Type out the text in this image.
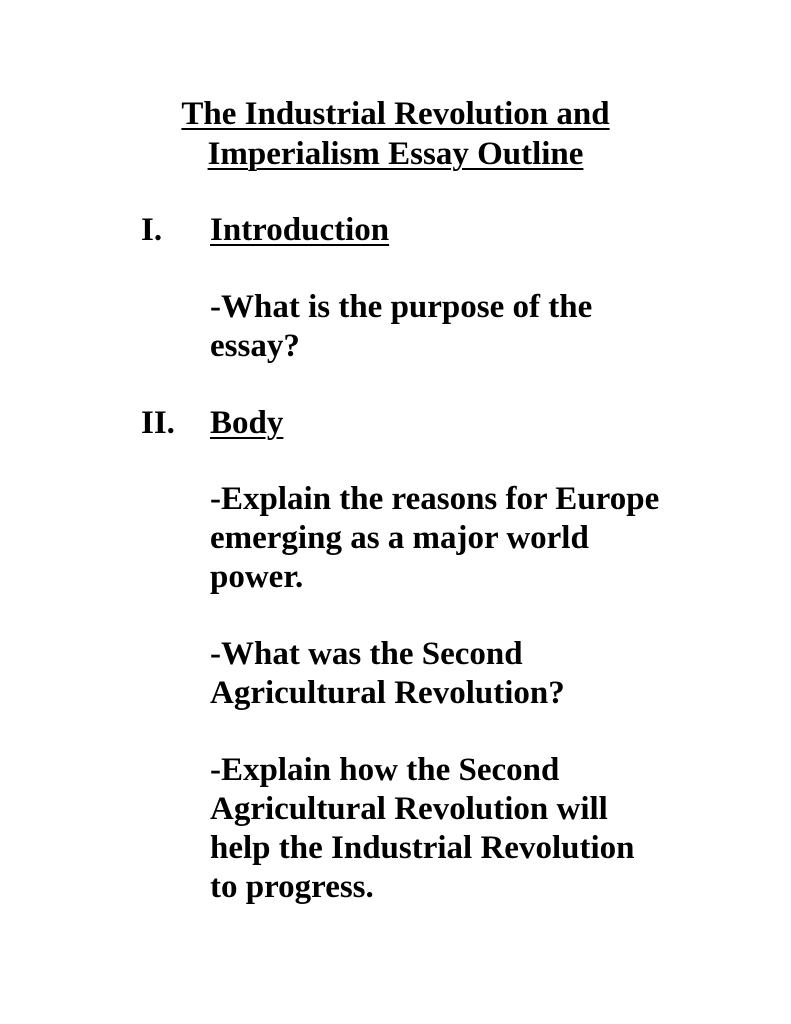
The Industrial Revolution and
Imperialism Essay Outline
I. Introduction

-What is the purpose of the essay?

II. Body

-Explain the reasons for Europe emerging as a major world power.

-What was the Second Agricultural Revolution?

-Explain how the Second Agricultural Revolution will help the Industrial Revolution to progress.
